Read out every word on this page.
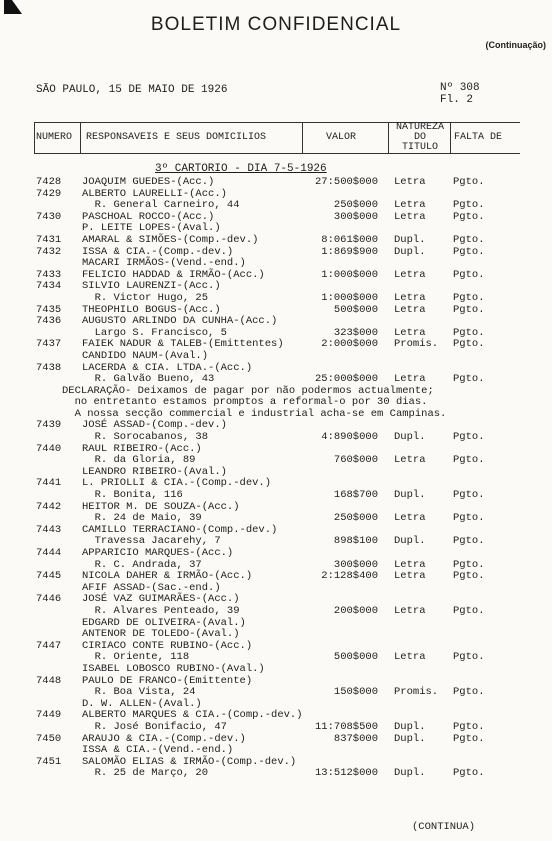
BOLETIM CONFIDENCIAL
(Continuação)
SÃO PAULO, 15 DE MAIO DE 1926	Nº 308
Fl. 2
NUMERO RESPONSAVEIS E SEUS DOMICILIOS	VALOR
NATUREZA
DO
TITULO
FALTA DE
3º CARTORIO - DIA 7-5-1926
7428 JOAQUIM GUEDES-(Acc.)	27:500$000 Letra	Pgto.
7429 ALBERTO LAURELLI-(Acc.)
R. General Carneiro, 44	250$000 Letra	Pgto.
7430 PASCHOAL ROCCO-(Acc.)	300$000 Letra	Pgto.
P. LEITE LOPES-(Aval.)
7431 AMARAL & SIMÕES-(Comp.-dev.)	8:061$000 Dupl.	Pgto.
7432 ISSA & CIA.-(Comp.-dev.)	1:869$900 Dupl.	Pgto.
MACARI IRMÃOS-(Vend.-end.)
7433 FELICIO HADDAD & IRMÃO-(Acc.)	1:000$000 Letra	Pgto.
7434 SILVIO LAURENZI-(Acc.)
R. Victor Hugo, 25	1:000$000 Letra	Pgto.
7435 THEOPHILO BOGUS-(Acc.)	500$000 Letra	Pgto.
7436 AUGUSTO ARLINDO DA CUNHA-(Acc.)
Largo S. Francisco, 5	323$000 Letra	Pgto.
7437 FAIEK NADUR & TALEB-(Emittentes)	2:000$000 Promis. Pgto.
CANDIDO NAUM-(Aval.)
7438 LACERDA & CIA. LTDA.-(Acc.)
R. Galvão Bueno, 43	25:000$000 Letra	Pgto.
DECLARAÇÃO- Deixamos de pagar por não podermos actualmente;
no entretanto estamos promptos a reformal-o por 30 dias.
A nossa secção commercial e industrial acha-se em Campinas.
7439 JOSÉ ASSAD-(Comp.-dev.)
R. Sorocabanos, 38	4:890$000 Dupl.	Pgto.
7440 RAUL RIBEIRO-(Acc.)
R. da Gloria, 89	760$000 Letra	Pgto.
LEANDRO RIBEIRO-(Aval.)
7441 L. PRIOLLI & CIA.-(Comp.-dev.)
R. Bonita, 116	168$700 Dupl.	Pgto.
7442 HEITOR M. DE SOUZA-(Acc.)
R. 24 de Maio, 39	250$000 Letra	Pgto.
7443 CAMILLO TERRACIANO-(Comp.-dev.)
Travessa Jacarehy, 7	898$100 Dupl.	Pgto.
7444 APPARICIO MARQUES-(Acc.)
R. C. Andrada, 37	300$000 Letra	Pgto.
7445 NICOLA DAHER & IRMÃO-(Acc.)	2:128$400 Letra	Pgto.
AFIF ASSAD-(Sac.-end.)
7446 JOSÉ VAZ GUIMARÃES-(Acc.)
R. Alvares Penteado, 39	200$000 Letra	Pgto.
EDGARD DE OLIVEIRA-(Aval.)
ANTENOR DE TOLEDO-(Aval.)
7447 CIRIACO CONTE RUBINO-(Acc.)
R. Oriente, 118	500$000 Letra	Pgto.
ISABEL LOBOSCO RUBINO-(Aval.)
7448 PAULO DE FRANCO-(Emittente)
R. Boa Vista, 24	150$000 Promis. Pgto.
D. W. ALLEN-(Aval.)
7449 ALBERTO MARQUES & CIA.-(Comp.-dev.)
R. José Bonifacio, 47	11:708$500 Dupl.	Pgto.
7450 ARAUJO & CIA.-(Comp.-dev.)	837$000 Dupl.	Pgto.
ISSA & CIA.-(Vend.-end.)
7451 SALOMÃO ELIAS & IRMÃO-(Comp.-dev.)
R. 25 de Março, 20	13:512$000 Dupl.	Pgto.
(CONTINUA)
